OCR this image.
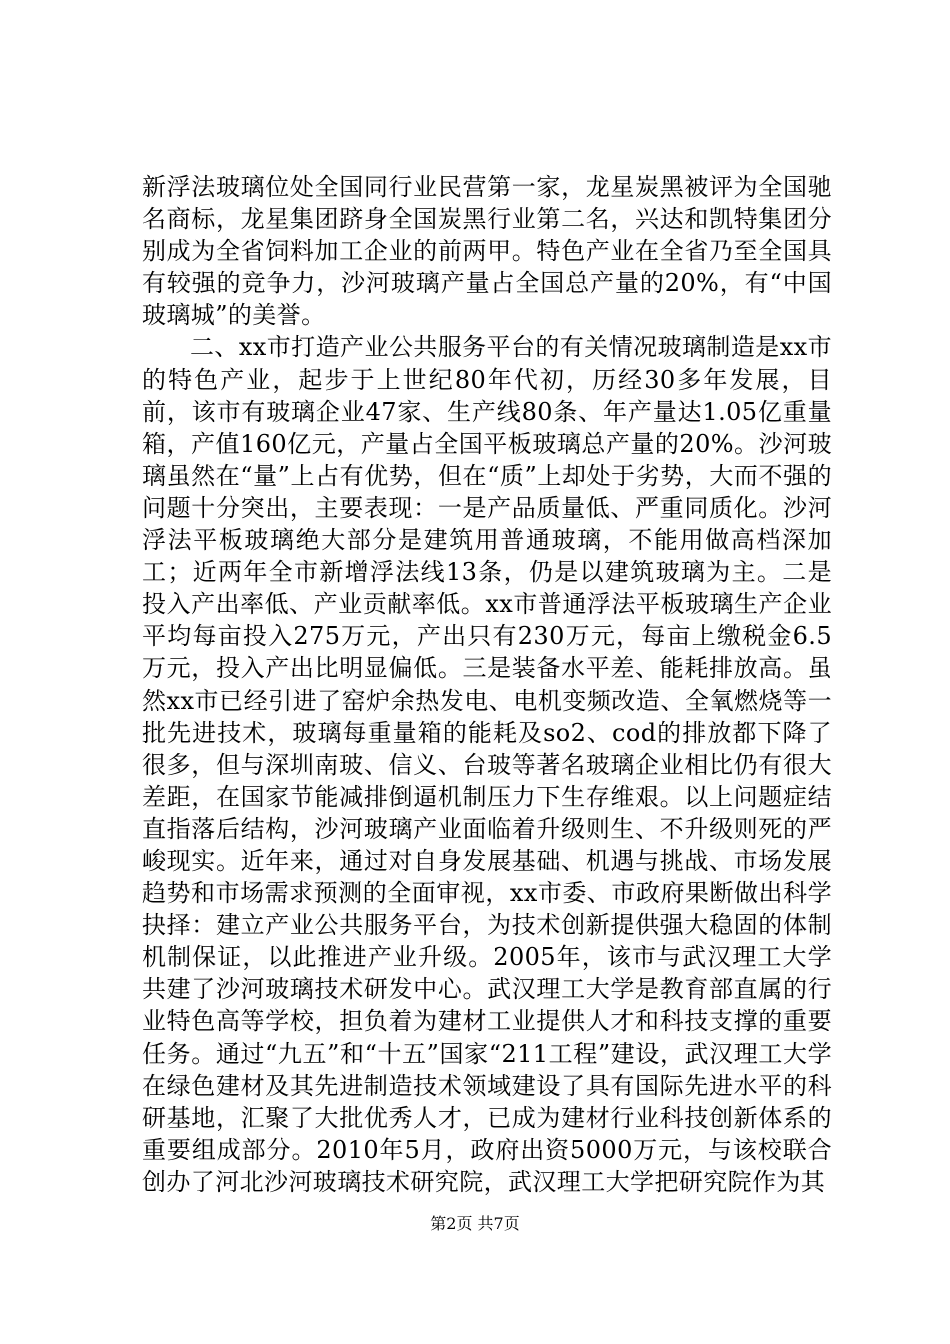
新浮法玻璃位处全国同行业民营第一家，龙星炭黑被评为全国驰名商标，龙星集团跻身全国炭黑行业第二名，兴达和凯特集团分别成为全省饲料加工企业的前两甲。特色产业在全省乃至全国具有较强的竞争力，沙河玻璃产量占全国总产量的20%，有“中国玻璃城”的美誉。

二、xx市打造产业公共服务平台的有关情况玻璃制造是xx市的特色产业，起步于上世纪80年代初，历经30多年发展，目前，该市有玻璃企业47家、生产线80条、年产量达1.05亿重量箱，产值160亿元，产量占全国平板玻璃总产量的20%。沙河玻璃虽然在“量”上占有优势，但在“质”上却处于劣势，大而不强的问题十分突出，主要表现：一是产品质量低、严重同质化。沙河浮法平板玻璃绝大部分是建筑用普通玻璃，不能用做高档深加工；近两年全市新增浮法线13条，仍是以建筑玻璃为主。二是投入产出率低、产业贡献率低。xx市普通浮法平板玻璃生产企业平均每亩投入275万元，产出只有230万元，每亩上缴税金6.5万元，投入产出比明显偏低。三是装备水平差、能耗排放高。虽然xx市已经引进了窑炉余热发电、电机变频改造、全氧燃烧等一批先进技术，玻璃每重量箱的能耗及so2、cod的排放都下降了很多，但与深圳南玻、信义、台玻等著名玻璃企业相比仍有很大差距，在国家节能减排倒逼机制压力下生存维艰。以上问题症结直指落后结构，沙河玻璃产业面临着升级则生、不升级则死的严峻现实。近年来，通过对自身发展基础、机遇与挑战、市场发展趋势和市场需求预测的全面审视，xx市委、市政府果断做出科学抉择：建立产业公共服务平台，为技术创新提供强大稳固的体制机制保证，以此推进产业升级。2005年，该市与武汉理工大学共建了沙河玻璃技术研发中心。武汉理工大学是教育部直属的行业特色高等学校，担负着为建材工业提供人才和科技支撑的重要任务。通过“九五”和“十五”国家“211工程”建设，武汉理工大学在绿色建材及其先进制造技术领域建设了具有国际先进水平的科研基地，汇聚了大批优秀人才，已成为建材行业科技创新体系的重要组成部分。2010年5月，政府出资5000万元，与该校联合创办了河北沙河玻璃技术研究院，武汉理工大学把研究院作为其

第2页 共7页
